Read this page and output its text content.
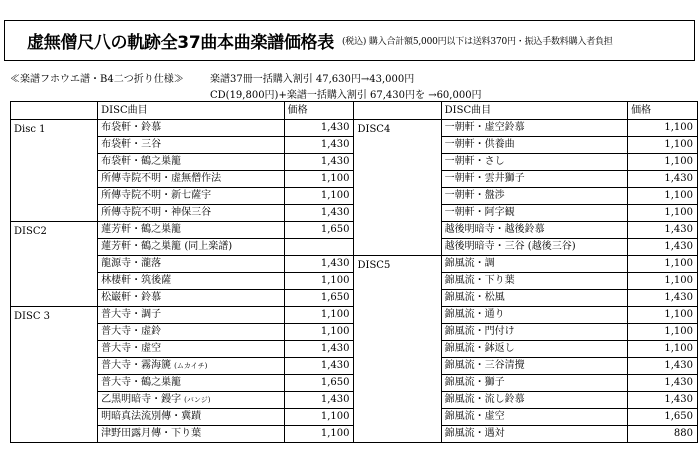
虚無僧尺八の軌跡全37曲本曲楽譜価格表 (税込) 購入合計額5,000円以下は送料370円・振込手数料購入者負担
≪楽譜フホウエ譜・B4二つ折り仕様≫	楽譜37冊一括購入割引 47,630円→43,000円
CD(19,800円)+楽譜一括購入割引 67,430円を →60,000円
	DISC曲目	価格		DISC曲目	価格
Disc 1	布袋軒・鈴慕	1,430	DISC4	一朝軒・虚空鈴慕	1,100
	布袋軒・三谷	1,430		一朝軒・供養曲	1,100
	布袋軒・鶴之巣籠	1,430		一朝軒・さし	1,100
	所傳寺院不明・虚無僧作法	1,100		一朝軒・雲井獅子	1,430
	所傳寺院不明・新七薩宇	1,100		一朝軒・盤渉	1,100
	所傳寺院不明・神保三谷	1,430		一朝軒・阿字観	1,100
DISC2	蓮芳軒・鶴之巣籠	1,650		越後明暗寺・越後鈴慕	1,430
	蓮芳軒・鶴之巣籠 (同上楽譜)			越後明暗寺・三谷 (越後三谷)	1,430
	龍源寺・瀧落	1,430	DISC5	錦風流・調	1,100
	林棲軒・筑後薩	1,100		錦風流・下り葉	1,100
	松巌軒・鈴慕	1,650		錦風流・松風	1,430
DISC 3	普大寺・調子	1,100		錦風流・通り	1,100
	普大寺・虚鈴	1,100		錦風流・門付け	1,100
	普大寺・虚空	1,430		錦風流・鉢返し	1,100
	普大寺・霧海篪 (ムカイチ)	1,430		錦風流・三谷清攪	1,430
	普大寺・鶴之巣籠	1,650		錦風流・獅子	1,430
	乙黒明暗寺・鏝字 (バンジ)	1,430		錦風流・流し鈴慕	1,430
	明暗真法流別傳・冀蹟	1,100		錦風流・虚空	1,650
	津野田露月傳・下り葉	1,100		錦風流・遇対	880
